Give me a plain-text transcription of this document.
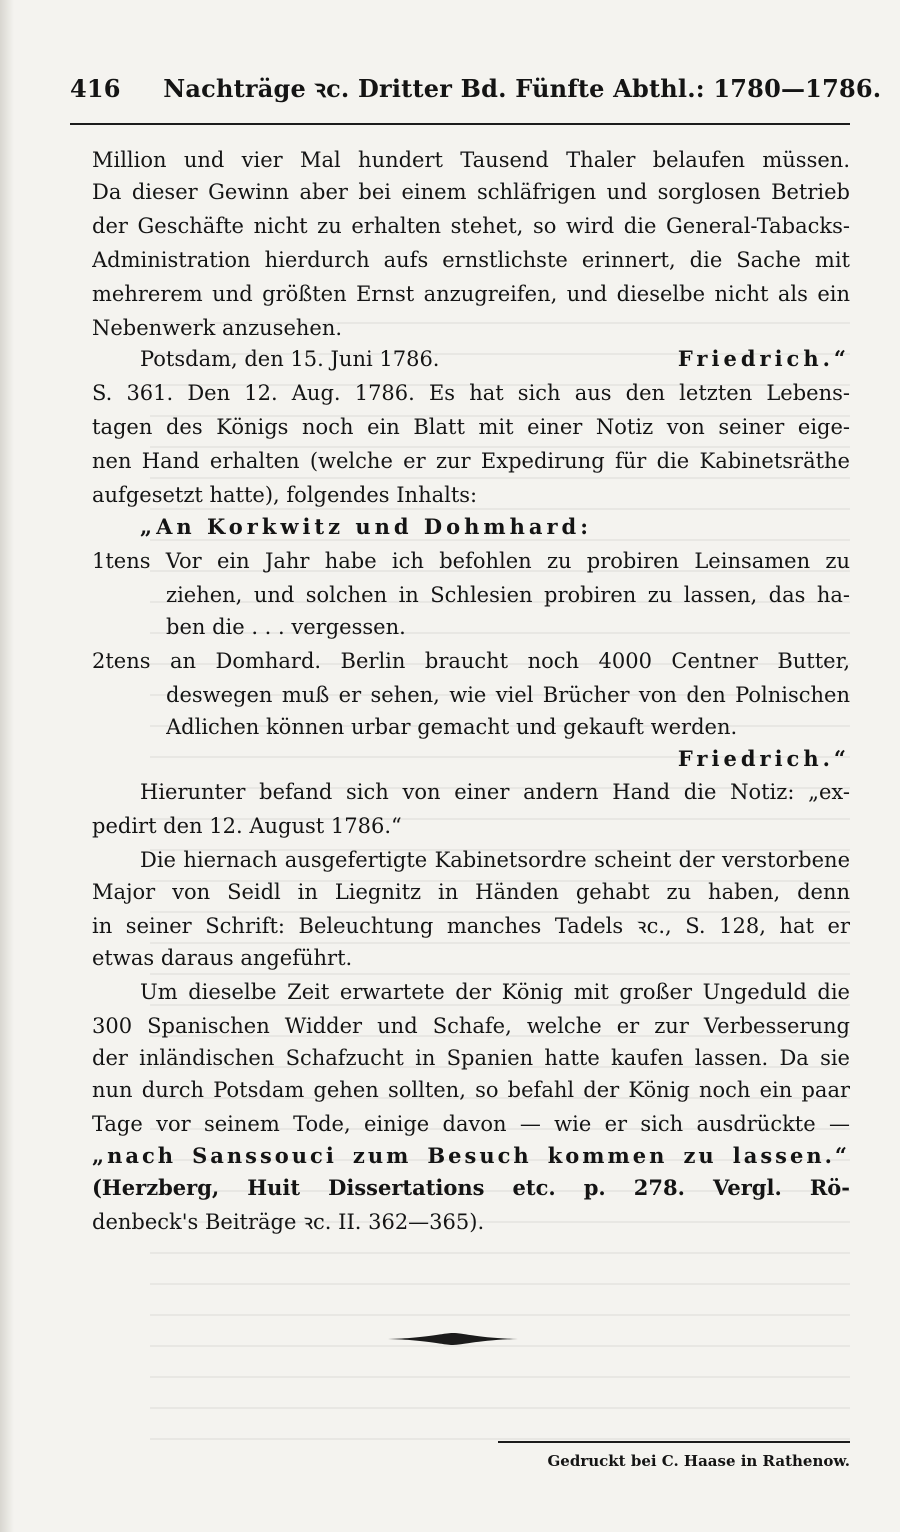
416 Nachträge ꝛc. Dritter Bd. Fünfte Abthl.: 1780—1786.
Million und vier Mal hundert Tausend Thaler belaufen müssen.
Da dieser Gewinn aber bei einem schläfrigen und sorglosen Betrieb
der Geschäfte nicht zu erhalten stehet, so wird die General-Tabacks-
Administration hierdurch aufs ernstlichste erinnert, die Sache mit
mehrerem und größten Ernst anzugreifen, und dieselbe nicht als ein
Nebenwerk anzusehen.
Potsdam, den 15. Juni 1786.	Friedrich.“
S. 361. Den 12. Aug. 1786. Es hat sich aus den letzten Lebens-
tagen des Königs noch ein Blatt mit einer Notiz von seiner eige-
nen Hand erhalten (welche er zur Expedirung für die Kabinetsräthe
aufgesetzt hatte), folgendes Inhalts:
„An Korkwitz und Dohmhard:
1tens Vor ein Jahr habe ich befohlen zu probiren Leinsamen zu
ziehen, und solchen in Schlesien probiren zu lassen, das ha-
ben die . . . vergessen.
2tens an Domhard. Berlin braucht noch 4000 Centner Butter,
deswegen muß er sehen, wie viel Brücher von den Polnischen
Adlichen können urbar gemacht und gekauft werden.
Friedrich.“
Hierunter befand sich von einer andern Hand die Notiz: „ex-
pedirt den 12. August 1786.“
Die hiernach ausgefertigte Kabinetsordre scheint der verstorbene
Major von Seidl in Liegnitz in Händen gehabt zu haben, denn
in seiner Schrift: Beleuchtung manches Tadels ꝛc., S. 128, hat er
etwas daraus angeführt.
Um dieselbe Zeit erwartete der König mit großer Ungeduld die
300 Spanischen Widder und Schafe, welche er zur Verbesserung
der inländischen Schafzucht in Spanien hatte kaufen lassen. Da sie
nun durch Potsdam gehen sollten, so befahl der König noch ein paar
Tage vor seinem Tode, einige davon — wie er sich ausdrückte —
„nach Sanssouci zum Besuch kommen zu lassen.“
(Herzberg, Huit Dissertations etc. p. 278. Vergl. Rö-
denbeck's Beiträge ꝛc. II. 362—365).
Gedruckt bei C. Haase in Rathenow.
